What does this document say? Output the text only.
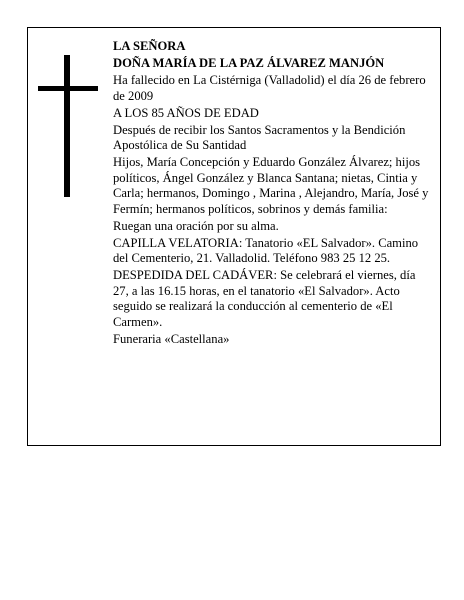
LA SEÑORA

DOÑA MARÍA DE LA PAZ ÁLVAREZ MANJÓN

Ha fallecido en La Cistérniga (Valladolid) el día 26 de febrero de 2009

A LOS 85 AÑOS DE EDAD

Después de recibir los Santos Sacramentos y la Bendición Apostólica de Su Santidad

Hijos, María Concepción y Eduardo González Álvarez; hijos políticos, Ángel González y Blanca Santana; nietas, Cintia y Carla; hermanos, Domingo , Marina , Alejandro, María, José y Fermín; hermanos políticos, sobrinos y demás familia:

Ruegan una oración por su alma.

CAPILLA VELATORIA: Tanatorio «EL Salvador». Camino del Cementerio, 21. Valladolid. Teléfono 983 25 12 25.

DESPEDIDA DEL CADÁVER: Se celebrará el viernes, día 27, a las 16.15 horas, en el tanatorio «El Salvador». Acto seguido se realizará la conducción al cementerio de «El Carmen».

Funeraria «Castellana»
